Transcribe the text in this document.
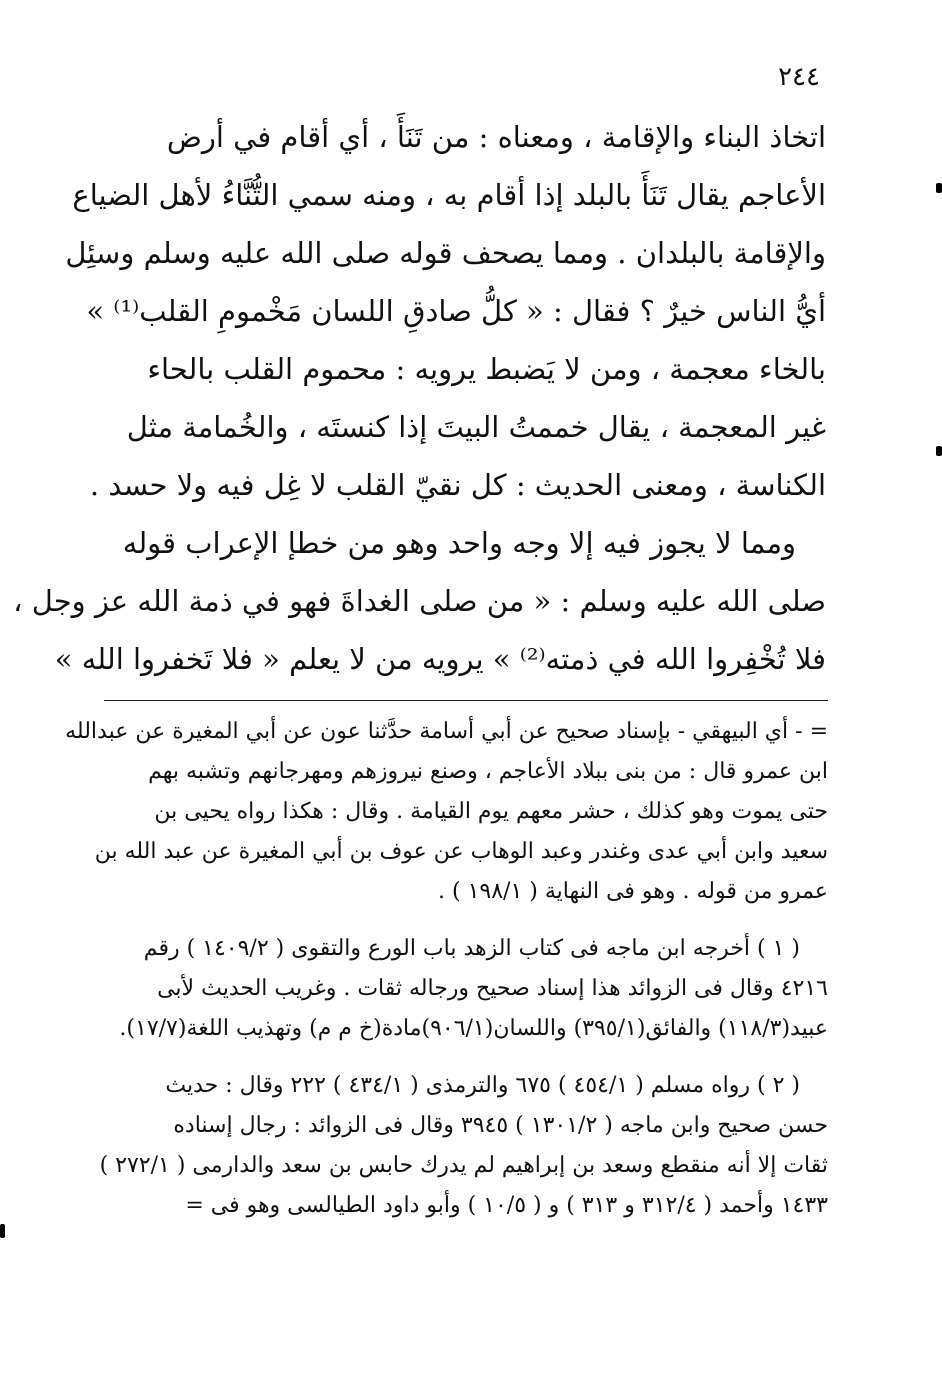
٢٤٤
اتخاذ البناء والإقامة ، ومعناه : من تَنَأَ ، أي أقام في أرض
الأعاجم يقال تَنَأَ بالبلد إذا أقام به ، ومنه سمي التُّنَّاءُ لأهل الضياع
والإقامة بالبلدان . ومما يصحف قوله صلى الله عليه وسلم وسئِل
أيُّ الناس خيرٌ ؟ فقال : « كلُّ صادقِ اللسان مَخْمومِ القلب⁽¹⁾ »
بالخاء معجمة ، ومن لا يَضبط يرويه : محموم القلب بالحاء
غير المعجمة ، يقال خممتُ البيتَ إذا كنستَه ، والخُمامة مثل
الكناسة ، ومعنى الحديث : كل نقيّ القلب لا غِل فيه ولا حسد .
ومما لا يجوز فيه إلا وجه واحد وهو من خطإ الإعراب قوله
صلى الله عليه وسلم : « من صلى الغداةَ فهو في ذمة الله عز وجل ،
فلا تُخْفِروا الله في ذمته⁽²⁾ » يرويه من لا يعلم « فلا تَخفروا الله »
= - أي البيهقي - بإسناد صحيح عن أبي أسامة حدَّثنا عون عن أبي المغيرة عن عبدالله
ابن عمرو قال : من بنى ببلاد الأعاجم ، وصنع نيروزهم ومهرجانهم وتشبه بهم
حتى يموت وهو كذلك ، حشر معهم يوم القيامة . وقال : هكذا رواه يحيى بن
سعيد وابن أبي عدى وغندر وعبد الوهاب عن عوف بن أبي المغيرة عن عبد الله بن
عمرو من قوله . وهو فى النهاية ( ١٩٨/١ ) .
( ١ ) أخرجه ابن ماجه فى كتاب الزهد باب الورع والتقوى ( ١٤٠٩/٢ ) رقم
٤٢١٦ وقال فى الزوائد هذا إسناد صحيح ورجاله ثقات . وغريب الحديث لأبى
عبيد(١١٨/٣) والفائق(٣٩٥/١) واللسان(٩٠٦/١)مادة(خ م م) وتهذيب اللغة(١٧/٧).
( ٢ ) رواه مسلم ( ٤٥٤/١ ) ٦٧٥ والترمذى ( ٤٣٤/١ ) ٢٢٢ وقال : حديث
حسن صحيح وابن ماجه ( ١٣٠١/٢ ) ٣٩٤٥ وقال فى الزوائد : رجال إسناده
ثقات إلا أنه منقطع وسعد بن إبراهيم لم يدرك حابس بن سعد والدارمى ( ٢٧٢/١ )
١٤٣٣ وأحمد ( ٣١٢/٤ و ٣١٣ ) و ( ١٠/٥ ) وأبو داود الطيالسى وهو فى =
